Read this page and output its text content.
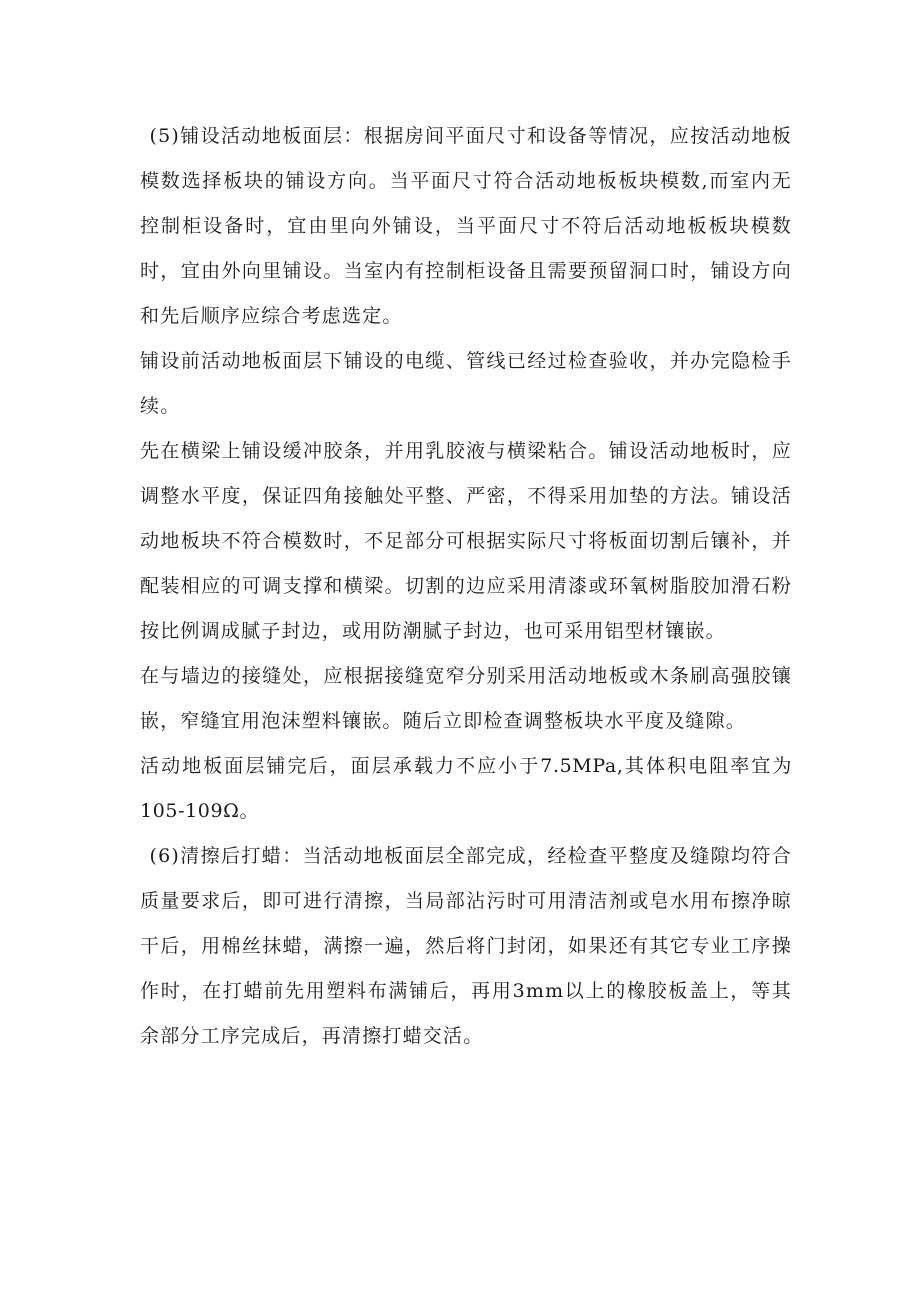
(5)铺设活动地板面层：根据房间平面尺寸和设备等情况，应按活动地板模数选择板块的铺设方向。当平面尺寸符合活动地板板块模数,而室内无控制柜设备时，宜由里向外铺设，当平面尺寸不符后活动地板板块模数时，宜由外向里铺设。当室内有控制柜设备且需要预留洞口时，铺设方向和先后顺序应综合考虑选定。

铺设前活动地板面层下铺设的电缆、管线已经过检查验收，并办完隐检手续。

先在横梁上铺设缓冲胶条，并用乳胶液与横梁粘合。铺设活动地板时，应调整水平度，保证四角接触处平整、严密，不得采用加垫的方法。铺设活动地板块不符合模数时，不足部分可根据实际尺寸将板面切割后镶补，并配装相应的可调支撑和横梁。切割的边应采用清漆或环氧树脂胶加滑石粉按比例调成腻子封边，或用防潮腻子封边，也可采用铝型材镶嵌。

在与墙边的接缝处，应根据接缝宽窄分别采用活动地板或木条刷高强胶镶嵌，窄缝宜用泡沫塑料镶嵌。随后立即检查调整板块水平度及缝隙。

活动地板面层铺完后，面层承载力不应小于7.5MPa,其体积电阻率宜为105-109Ω。

(6)清擦后打蜡：当活动地板面层全部完成，经检查平整度及缝隙均符合质量要求后，即可进行清擦，当局部沾污时可用清洁剂或皂水用布擦净晾干后，用棉丝抹蜡，满擦一遍，然后将门封闭，如果还有其它专业工序操作时，在打蜡前先用塑料布满铺后，再用3mm以上的橡胶板盖上，等其余部分工序完成后，再清擦打蜡交活。
